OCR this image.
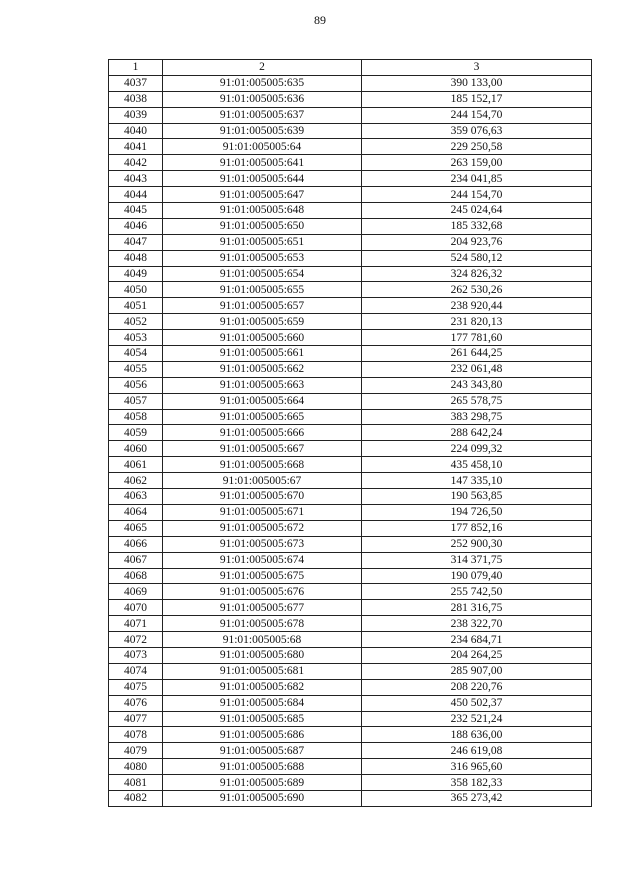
89
1	2	3
4037	91:01:005005:635	390 133,00
4038	91:01:005005:636	185 152,17
4039	91:01:005005:637	244 154,70
4040	91:01:005005:639	359 076,63
4041	91:01:005005:64	229 250,58
4042	91:01:005005:641	263 159,00
4043	91:01:005005:644	234 041,85
4044	91:01:005005:647	244 154,70
4045	91:01:005005:648	245 024,64
4046	91:01:005005:650	185 332,68
4047	91:01:005005:651	204 923,76
4048	91:01:005005:653	524 580,12
4049	91:01:005005:654	324 826,32
4050	91:01:005005:655	262 530,26
4051	91:01:005005:657	238 920,44
4052	91:01:005005:659	231 820,13
4053	91:01:005005:660	177 781,60
4054	91:01:005005:661	261 644,25
4055	91:01:005005:662	232 061,48
4056	91:01:005005:663	243 343,80
4057	91:01:005005:664	265 578,75
4058	91:01:005005:665	383 298,75
4059	91:01:005005:666	288 642,24
4060	91:01:005005:667	224 099,32
4061	91:01:005005:668	435 458,10
4062	91:01:005005:67	147 335,10
4063	91:01:005005:670	190 563,85
4064	91:01:005005:671	194 726,50
4065	91:01:005005:672	177 852,16
4066	91:01:005005:673	252 900,30
4067	91:01:005005:674	314 371,75
4068	91:01:005005:675	190 079,40
4069	91:01:005005:676	255 742,50
4070	91:01:005005:677	281 316,75
4071	91:01:005005:678	238 322,70
4072	91:01:005005:68	234 684,71
4073	91:01:005005:680	204 264,25
4074	91:01:005005:681	285 907,00
4075	91:01:005005:682	208 220,76
4076	91:01:005005:684	450 502,37
4077	91:01:005005:685	232 521,24
4078	91:01:005005:686	188 636,00
4079	91:01:005005:687	246 619,08
4080	91:01:005005:688	316 965,60
4081	91:01:005005:689	358 182,33
4082	91:01:005005:690	365 273,42
